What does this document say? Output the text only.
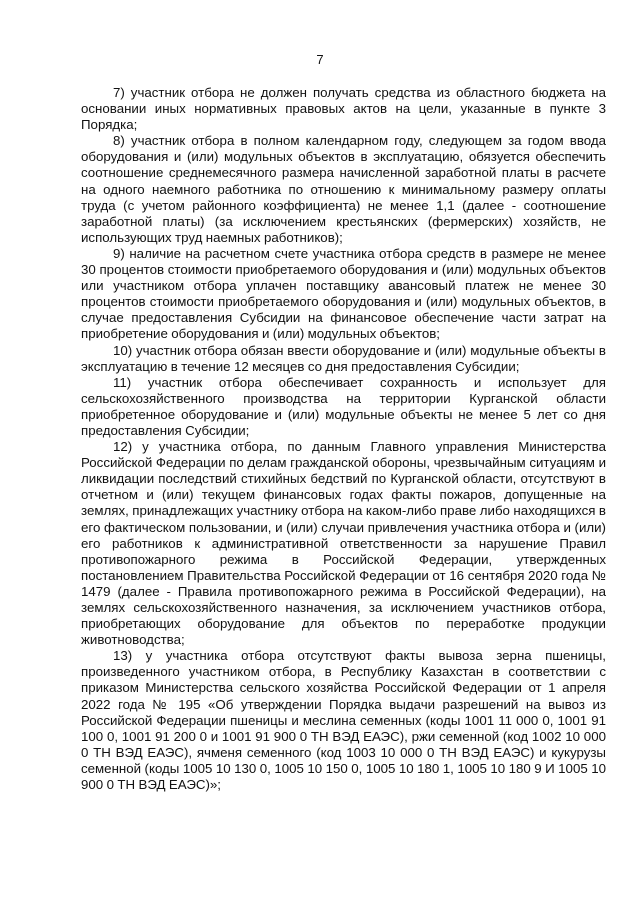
7

7) участник отбора не должен получать средства из областного бюджета на основании иных нормативных правовых актов на цели, указанные в пункте 3 Порядка;

8) участник отбора в полном календарном году, следующем за годом ввода оборудования и (или) модульных объектов в эксплуатацию, обязуется обеспечить соотношение среднемесячного размера начисленной заработной платы в расчете на одного наемного работника по отношению к минимальному размеру оплаты труда (с учетом районного коэффициента) не менее 1,1 (далее - соотношение заработной платы) (за исключением крестьянских (фермерских) хозяйств, не использующих труд наемных работников);

9) наличие на расчетном счете участника отбора средств в размере не менее 30 процентов стоимости приобретаемого оборудования и (или) модульных объектов или участником отбора уплачен поставщику авансовый платеж не менее 30 процентов стоимости приобретаемого оборудования и (или) модульных объектов, в случае предоставления Субсидии на финансовое обеспечение части затрат на приобретение оборудования и (или) модульных объектов;

10) участник отбора обязан ввести оборудование и (или) модульные объекты в эксплуатацию в течение 12 месяцев со дня предоставления Субсидии;

11) участник отбора обеспечивает сохранность и использует для сельскохозяйственного производства на территории Курганской области приобретенное оборудование и (или) модульные объекты не менее 5 лет со дня предоставления Субсидии;

12) у участника отбора, по данным Главного управления Министерства Российской Федерации по делам гражданской обороны, чрезвычайным ситуациям и ликвидации последствий стихийных бедствий по Курганской области, отсутствуют в отчетном и (или) текущем финансовых годах факты пожаров, допущенные на землях, принадлежащих участнику отбора на каком-либо праве либо находящихся в его фактическом пользовании, и (или) случаи привлечения участника отбора и (или) его работников к административной ответственности за нарушение Правил противопожарного режима в Российской Федерации, утвержденных постановлением Правительства Российской Федерации от 16 сентября 2020 года № 1479 (далее - Правила противопожарного режима в Российской Федерации), на землях сельскохозяйственного назначения, за исключением участников отбора, приобретающих оборудование для объектов по переработке продукции животноводства;

13) у участника отбора отсутствуют факты вывоза зерна пшеницы, произведенного участником отбора, в Республику Казахстан в соответствии с приказом Министерства сельского хозяйства Российской Федерации от 1 апреля 2022 года № 195 «Об утверждении Порядка выдачи разрешений на вывоз из Российской Федерации пшеницы и меслина семенных (коды 1001 11 000 0, 1001 91 100 0, 1001 91 200 0 и 1001 91 900 0 ТН ВЭД ЕАЭС), ржи семенной (код 1002 10 000 0 ТН ВЭД ЕАЭС), ячменя семенного (код 1003 10 000 0 ТН ВЭД ЕАЭС) и кукурузы семенной (коды 1005 10 130 0, 1005 10 150 0, 1005 10 180 1, 1005 10 180 9 И 1005 10 900 0 ТН ВЭД ЕАЭС)»;
